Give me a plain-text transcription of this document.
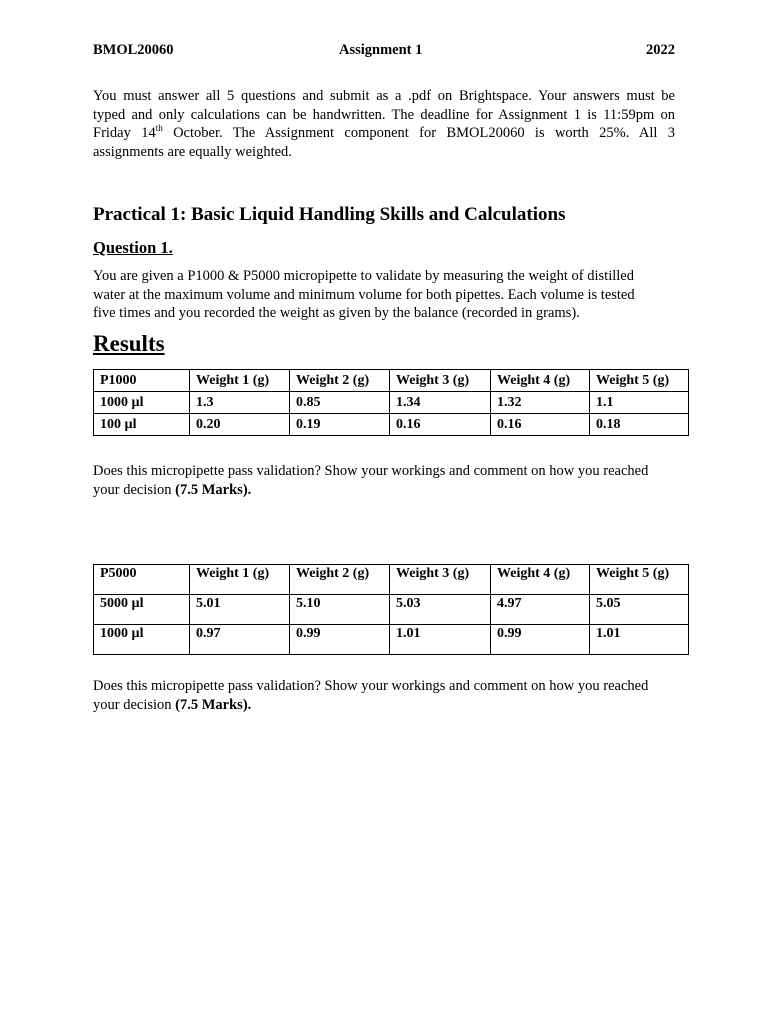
BMOL20060	Assignment 1	2022
You must answer all 5 questions and submit as a .pdf on Brightspace. Your answers must be
typed and only calculations can be handwritten. The deadline for Assignment 1 is 11:59pm on
Friday 14th October. The Assignment component for BMOL20060 is worth 25%. All 3
assignments are equally weighted.
Practical 1: Basic Liquid Handling Skills and Calculations
Question 1.
You are given a P1000 & P5000 micropipette to validate by measuring the weight of distilled
water at the maximum volume and minimum volume for both pipettes. Each volume is tested
five times and you recorded the weight as given by the balance (recorded in grams).
Results
P1000	Weight 1 (g)	Weight 2 (g)	Weight 3 (g)	Weight 4 (g)	Weight 5 (g)
1000 µl	1.3	0.85	1.34	1.32	1.1
100 µl	0.20	0.19	0.16	0.16	0.18
Does this micropipette pass validation? Show your workings and comment on how you reached
your decision (7.5 Marks).
P5000	Weight 1 (g)	Weight 2 (g)	Weight 3 (g)	Weight 4 (g)	Weight 5 (g)
5000 µl	5.01	5.10	5.03	4.97	5.05
1000 µl	0.97	0.99	1.01	0.99	1.01
Does this micropipette pass validation? Show your workings and comment on how you reached
your decision (7.5 Marks).
